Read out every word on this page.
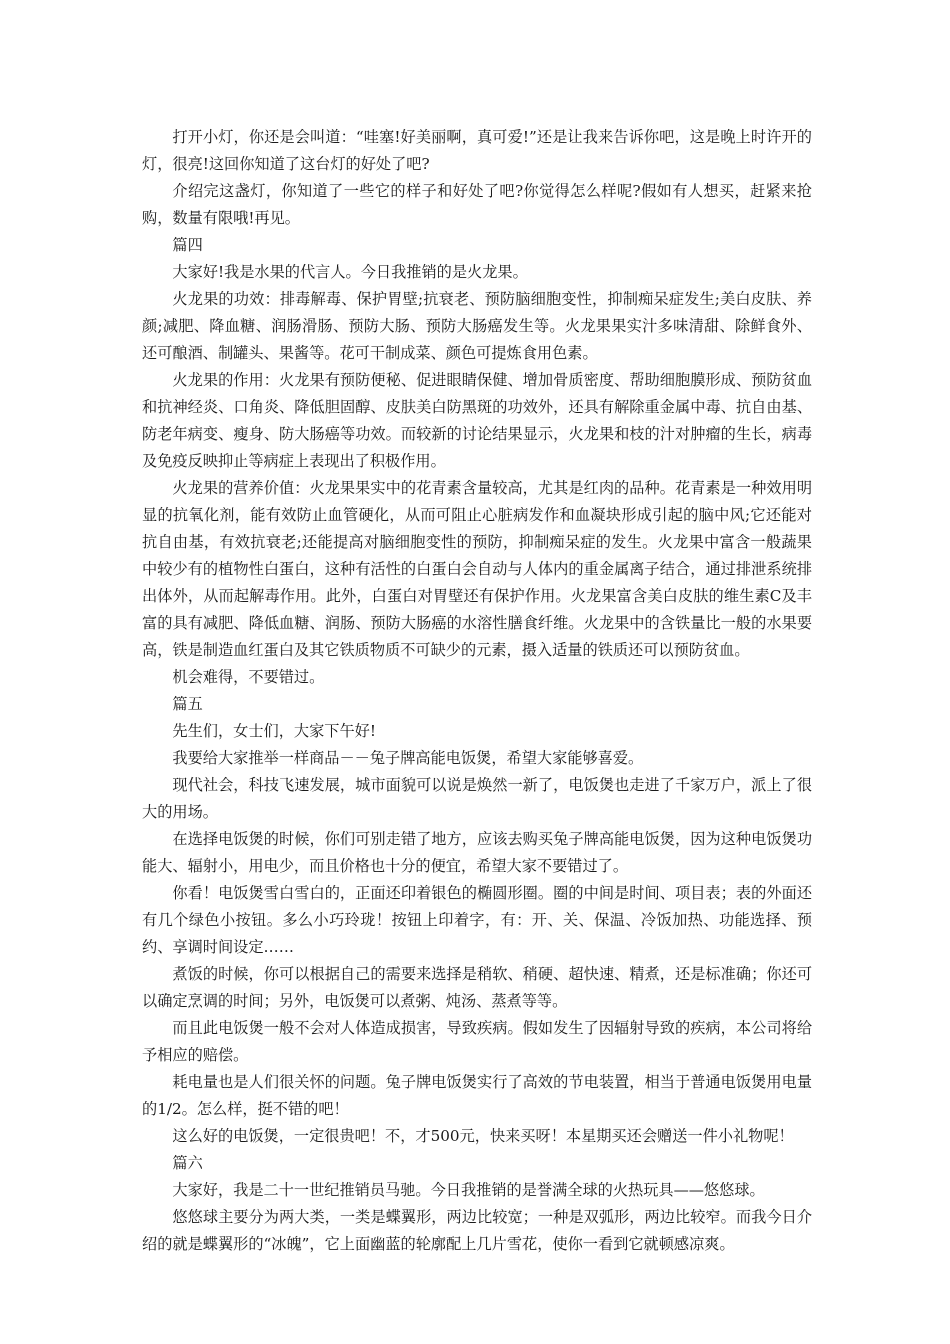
打开小灯，你还是会叫道：“哇塞!好美丽啊，真可爱!”还是让我来告诉你吧，这是晚上时许开的灯，很亮!这回你知道了这台灯的好处了吧?

介绍完这盏灯，你知道了一些它的样子和好处了吧?你觉得怎么样呢?假如有人想买，赶紧来抢购，数量有限哦!再见。

篇四

大家好!我是水果的代言人。今日我推销的是火龙果。

火龙果的功效：排毒解毒、保护胃壁;抗衰老、预防脑细胞变性，抑制痴呆症发生;美白皮肤、养颜;减肥、降血糖、润肠滑肠、预防大肠、预防大肠癌发生等。火龙果果实汁多味清甜、除鲜食外、还可酿酒、制罐头、果酱等。花可干制成菜、颜色可提炼食用色素。

火龙果的作用：火龙果有预防便秘、促进眼睛保健、增加骨质密度、帮助细胞膜形成、预防贫血和抗神经炎、口角炎、降低胆固醇、皮肤美白防黑斑的功效外，还具有解除重金属中毒、抗自由基、防老年病变、瘦身、防大肠癌等功效。而较新的讨论结果显示，火龙果和枝的汁对肿瘤的生长，病毒及免疫反映抑止等病症上表现出了积极作用。

火龙果的营养价值：火龙果果实中的花青素含量较高，尤其是红肉的品种。花青素是一种效用明显的抗氧化剂，能有效防止血管硬化，从而可阻止心脏病发作和血凝块形成引起的脑中风;它还能对抗自由基，有效抗衰老;还能提高对脑细胞变性的预防，抑制痴呆症的发生。火龙果中富含一般蔬果中较少有的植物性白蛋白，这种有活性的白蛋白会自动与人体内的重金属离子结合，通过排泄系统排出体外，从而起解毒作用。此外，白蛋白对胃壁还有保护作用。火龙果富含美白皮肤的维生素C及丰富的具有减肥、降低血糖、润肠、预防大肠癌的水溶性膳食纤维。火龙果中的含铁量比一般的水果要高，铁是制造血红蛋白及其它铁质物质不可缺少的元素，摄入适量的铁质还可以预防贫血。

机会难得，不要错过。

篇五

先生们，女士们，大家下午好!

我要给大家推举一样商品－－兔子牌高能电饭煲，希望大家能够喜爱。

现代社会，科技飞速发展，城市面貌可以说是焕然一新了，电饭煲也走进了千家万户，派上了很大的用场。

在选择电饭煲的时候，你们可别走错了地方，应该去购买兔子牌高能电饭煲，因为这种电饭煲功能大、辐射小，用电少，而且价格也十分的便宜，希望大家不要错过了。

你看！电饭煲雪白雪白的，正面还印着银色的椭圆形圈。圈的中间是时间、项目表；表的外面还有几个绿色小按钮。多么小巧玲珑！按钮上印着字，有：开、关、保温、冷饭加热、功能选择、预约、享调时间设定……

煮饭的时候，你可以根据自己的需要来选择是稍软、稍硬、超快速、精煮，还是标准确；你还可以确定烹调的时间；另外，电饭煲可以煮粥、炖汤、蒸煮等等。

而且此电饭煲一般不会对人体造成损害，导致疾病。假如发生了因辐射导致的疾病，本公司将给予相应的赔偿。

耗电量也是人们很关怀的问题。兔子牌电饭煲实行了高效的节电装置，相当于普通电饭煲用电量的1/2。怎么样，挺不错的吧！

这么好的电饭煲，一定很贵吧！不，才500元，快来买呀！本星期买还会赠送一件小礼物呢！

篇六

大家好，我是二十一世纪推销员马驰。今日我推销的是誉满全球的火热玩具——悠悠球。

悠悠球主要分为两大类，一类是蝶翼形，两边比较宽；一种是双弧形，两边比较窄。而我今日介绍的就是蝶翼形的“冰魄”，它上面幽蓝的轮廓配上几片雪花，使你一看到它就顿感凉爽。
